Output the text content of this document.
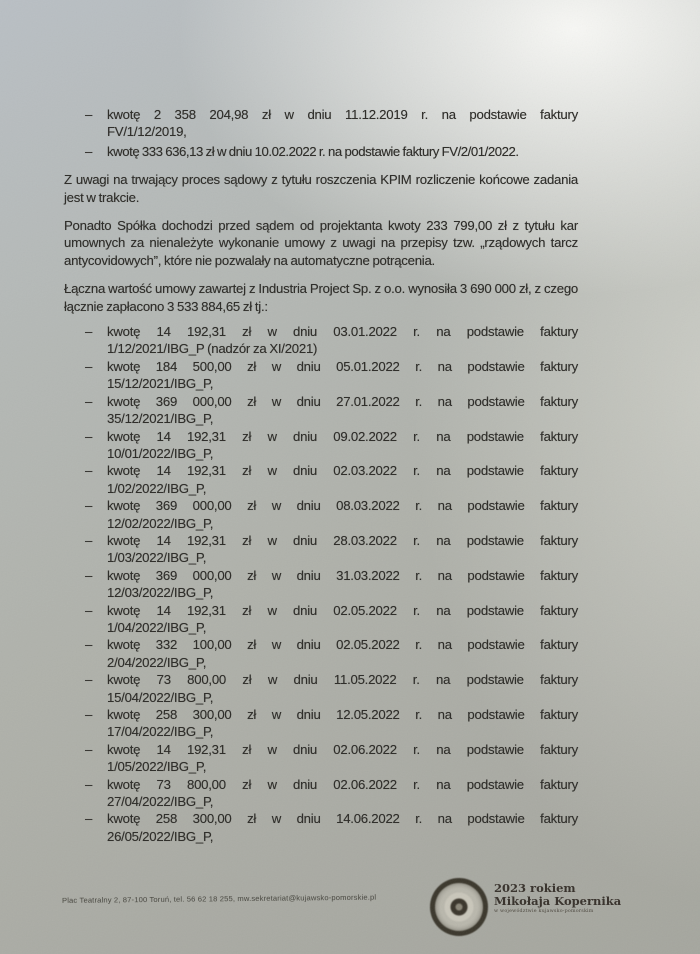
–	kwotę 2 358 204,98 zł w dniu 11.12.2019 r. na podstawie faktury
FV/1/12/2019,
–	kwotę 333 636,13 zł w dniu 10.02.2022 r. na podstawie faktury FV/2/01/2022.

Z uwagi na trwający proces sądowy z tytułu roszczenia KPIM rozliczenie końcowe zadania jest w trakcie.

Ponadto Spółka dochodzi przed sądem od projektanta kwoty 233 799,00 zł z tytułu kar umownych za nienależyte wykonanie umowy z uwagi na przepisy tzw. „rządowych tarcz antycovidowych”, które nie pozwalały na automatyczne potrącenia.

Łączna wartość umowy zawartej z Industria Project Sp. z o.o. wynosiła 3 690 000 zł, z czego łącznie zapłacono 3 533 884,65 zł tj.:

–	kwotę 14 192,31 zł w dniu 03.01.2022 r. na podstawie faktury
1/12/2021/IBG_P (nadzór za XI/2021)
–	kwotę 184 500,00 zł w dniu 05.01.2022 r. na podstawie faktury
15/12/2021/IBG_P,
–	kwotę 369 000,00 zł w dniu 27.01.2022 r. na podstawie faktury
35/12/2021/IBG_P,
–	kwotę 14 192,31 zł w dniu 09.02.2022 r. na podstawie faktury
10/01/2022/IBG_P,
–	kwotę 14 192,31 zł w dniu 02.03.2022 r. na podstawie faktury
1/02/2022/IBG_P,
–	kwotę 369 000,00 zł w dniu 08.03.2022 r. na podstawie faktury
12/02/2022/IBG_P,
–	kwotę 14 192,31 zł w dniu 28.03.2022 r. na podstawie faktury
1/03/2022/IBG_P,
–	kwotę 369 000,00 zł w dniu 31.03.2022 r. na podstawie faktury
12/03/2022/IBG_P,
–	kwotę 14 192,31 zł w dniu 02.05.2022 r. na podstawie faktury
1/04/2022/IBG_P,
–	kwotę 332 100,00 zł w dniu 02.05.2022 r. na podstawie faktury
2/04/2022/IBG_P,
–	kwotę 73 800,00 zł w dniu 11.05.2022 r. na podstawie faktury
15/04/2022/IBG_P,
–	kwotę 258 300,00 zł w dniu 12.05.2022 r. na podstawie faktury
17/04/2022/IBG_P,
–	kwotę 14 192,31 zł w dniu 02.06.2022 r. na podstawie faktury
1/05/2022/IBG_P,
–	kwotę 73 800,00 zł w dniu 02.06.2022 r. na podstawie faktury
27/04/2022/IBG_P,
–	kwotę 258 300,00 zł w dniu 14.06.2022 r. na podstawie faktury
26/05/2022/IBG_P,
Plac Teatralny 2, 87-100 Toruń, tel. 56 62 18 255, mw.sekretariat@kujawsko-pomorskie.pl
2023 rokiem
Mikołaja Kopernika
w województwie kujawsko-pomorskim
